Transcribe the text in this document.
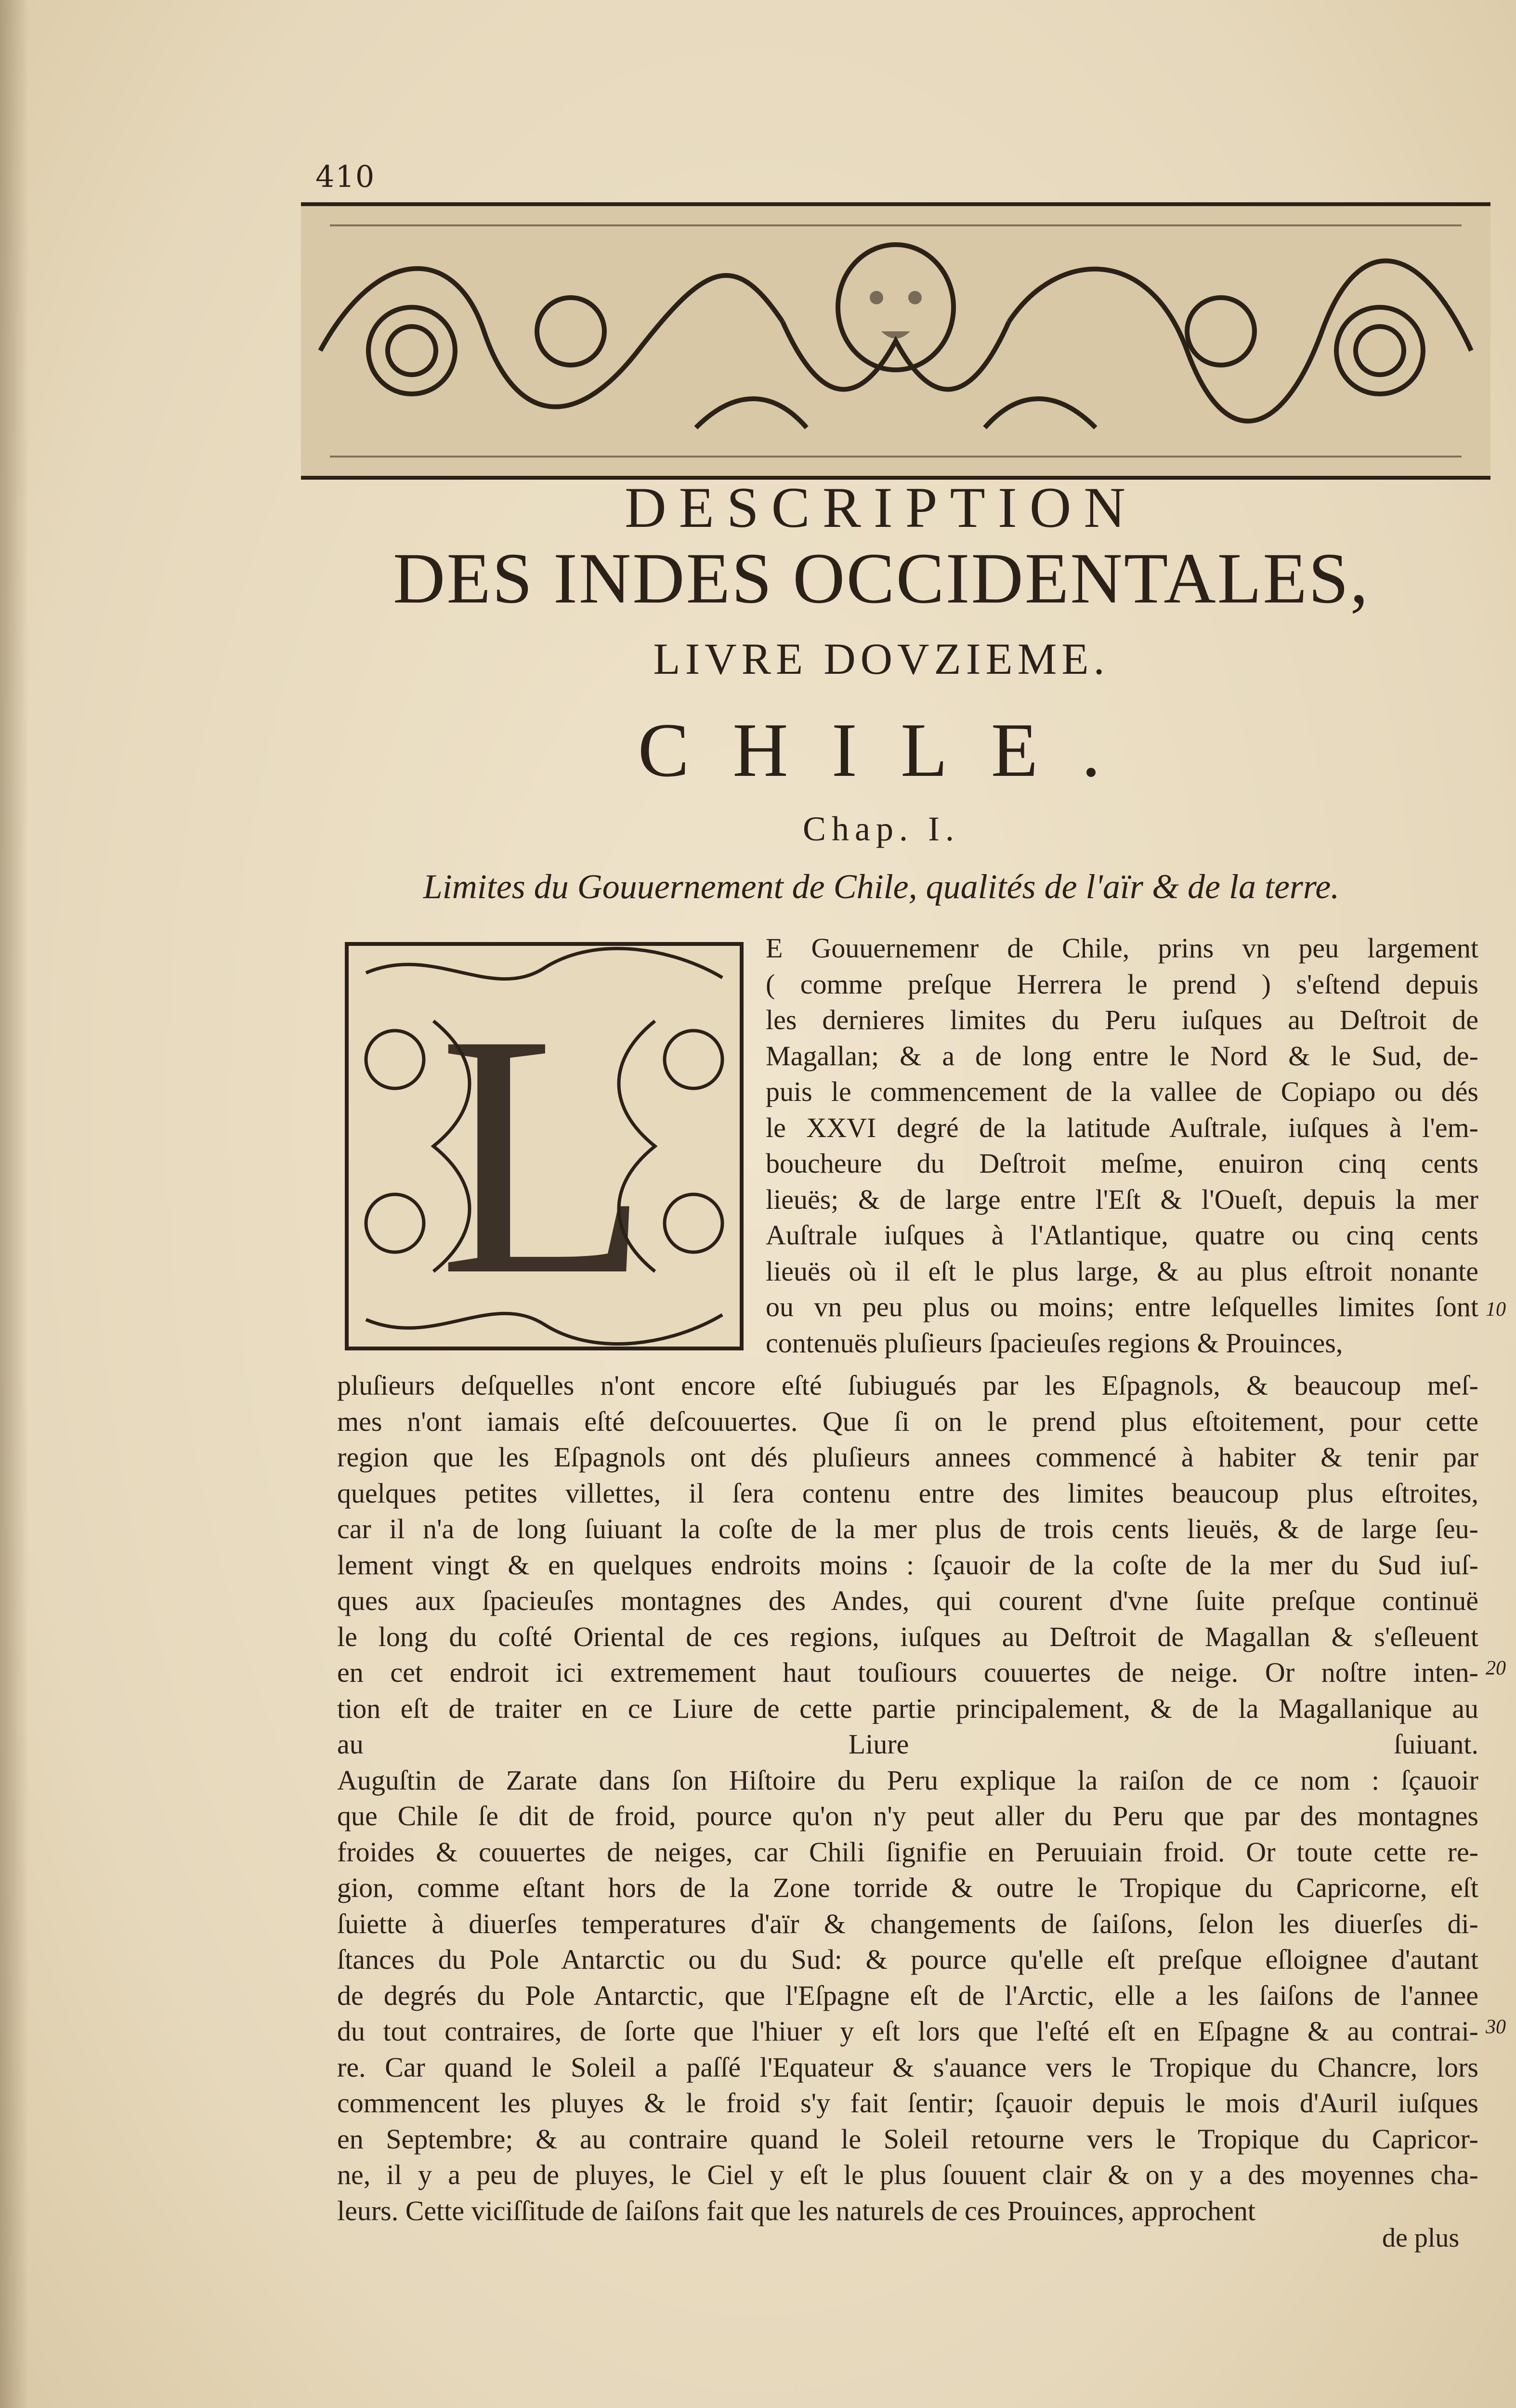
410
DESCRIPTION
DES INDES OCCIDENTALES,
LIVRE DOVZIEME.
CHILE.
Chap. I.
Limites du Gouuernement de Chile, qualités de l'aïr & de la terre.
L
E Gouuernemenr de Chile, prins vn peu largement
( comme preſque Herrera le prend ) s'eſtend depuis
les dernieres limites du Peru iuſques au Deſtroit de
Magallan; & a de long entre le Nord & le Sud, de-
puis le commencement de la vallee de Copiapo ou dés
le XXVI degré de la latitude Auſtrale, iuſques à l'em-
boucheure du Deſtroit meſme, enuiron cinq cents
lieuës; & de large entre l'Eſt & l'Oueſt, depuis la mer
Auſtrale iuſques à l'Atlantique, quatre ou cinq cents
lieuës où il eſt le plus large, & au plus eſtroit nonante
ou vn peu plus ou moins; entre leſquelles limites ſont
contenuës pluſieurs ſpacieuſes regions & Prouinces,
pluſieurs deſquelles n'ont encore eſté ſubiugués par les Eſpagnols, & beaucoup meſ-
mes n'ont iamais eſté deſcouuertes. Que ſi on le prend plus eſtoitement, pour cette
region que les Eſpagnols ont dés pluſieurs annees commencé à habiter & tenir par
quelques petites villettes, il ſera contenu entre des limites beaucoup plus eſtroites,
car il n'a de long ſuiuant la coſte de la mer plus de trois cents lieuës, & de large ſeu-
lement vingt & en quelques endroits moins : ſçauoir de la coſte de la mer du Sud iuſ-
ques aux ſpacieuſes montagnes des Andes, qui courent d'vne ſuite preſque continuë
le long du coſté Oriental de ces regions, iuſques au Deſtroit de Magallan & s'eſleuent
en cet endroit ici extremement haut touſiours couuertes de neige. Or noſtre inten-
tion eſt de traiter en ce Liure de cette partie principalement, & de la Magallanique au
au Liure ſuiuant.
Auguſtin de Zarate dans ſon Hiſtoire du Peru explique la raiſon de ce nom : ſçauoir
que Chile ſe dit de froid, pource qu'on n'y peut aller du Peru que par des montagnes
froides & couuertes de neiges, car Chili ſignifie en Peruuiain froid. Or toute cette re-
gion, comme eſtant hors de la Zone torride & outre le Tropique du Capricorne, eſt
ſuiette à diuerſes temperatures d'aïr & changements de ſaiſons, ſelon les diuerſes di-
ſtances du Pole Antarctic ou du Sud: & pource qu'elle eſt preſque eſloignee d'autant
de degrés du Pole Antarctic, que l'Eſpagne eſt de l'Arctic, elle a les ſaiſons de l'annee
du tout contraires, de ſorte que l'hiuer y eſt lors que l'eſté eſt en Eſpagne & au contrai-
re. Car quand le Soleil a paſſé l'Equateur & s'auance vers le Tropique du Chancre, lors
commencent les pluyes & le froid s'y fait ſentir; ſçauoir depuis le mois d'Auril iuſques
en Septembre; & au contraire quand le Soleil retourne vers le Tropique du Capricor-
ne, il y a peu de pluyes, le Ciel y eſt le plus ſouuent clair & on y a des moyennes cha-
leurs. Cette viciſſitude de ſaiſons fait que les naturels de ces Prouinces, approchent
10
20
30
de plus
